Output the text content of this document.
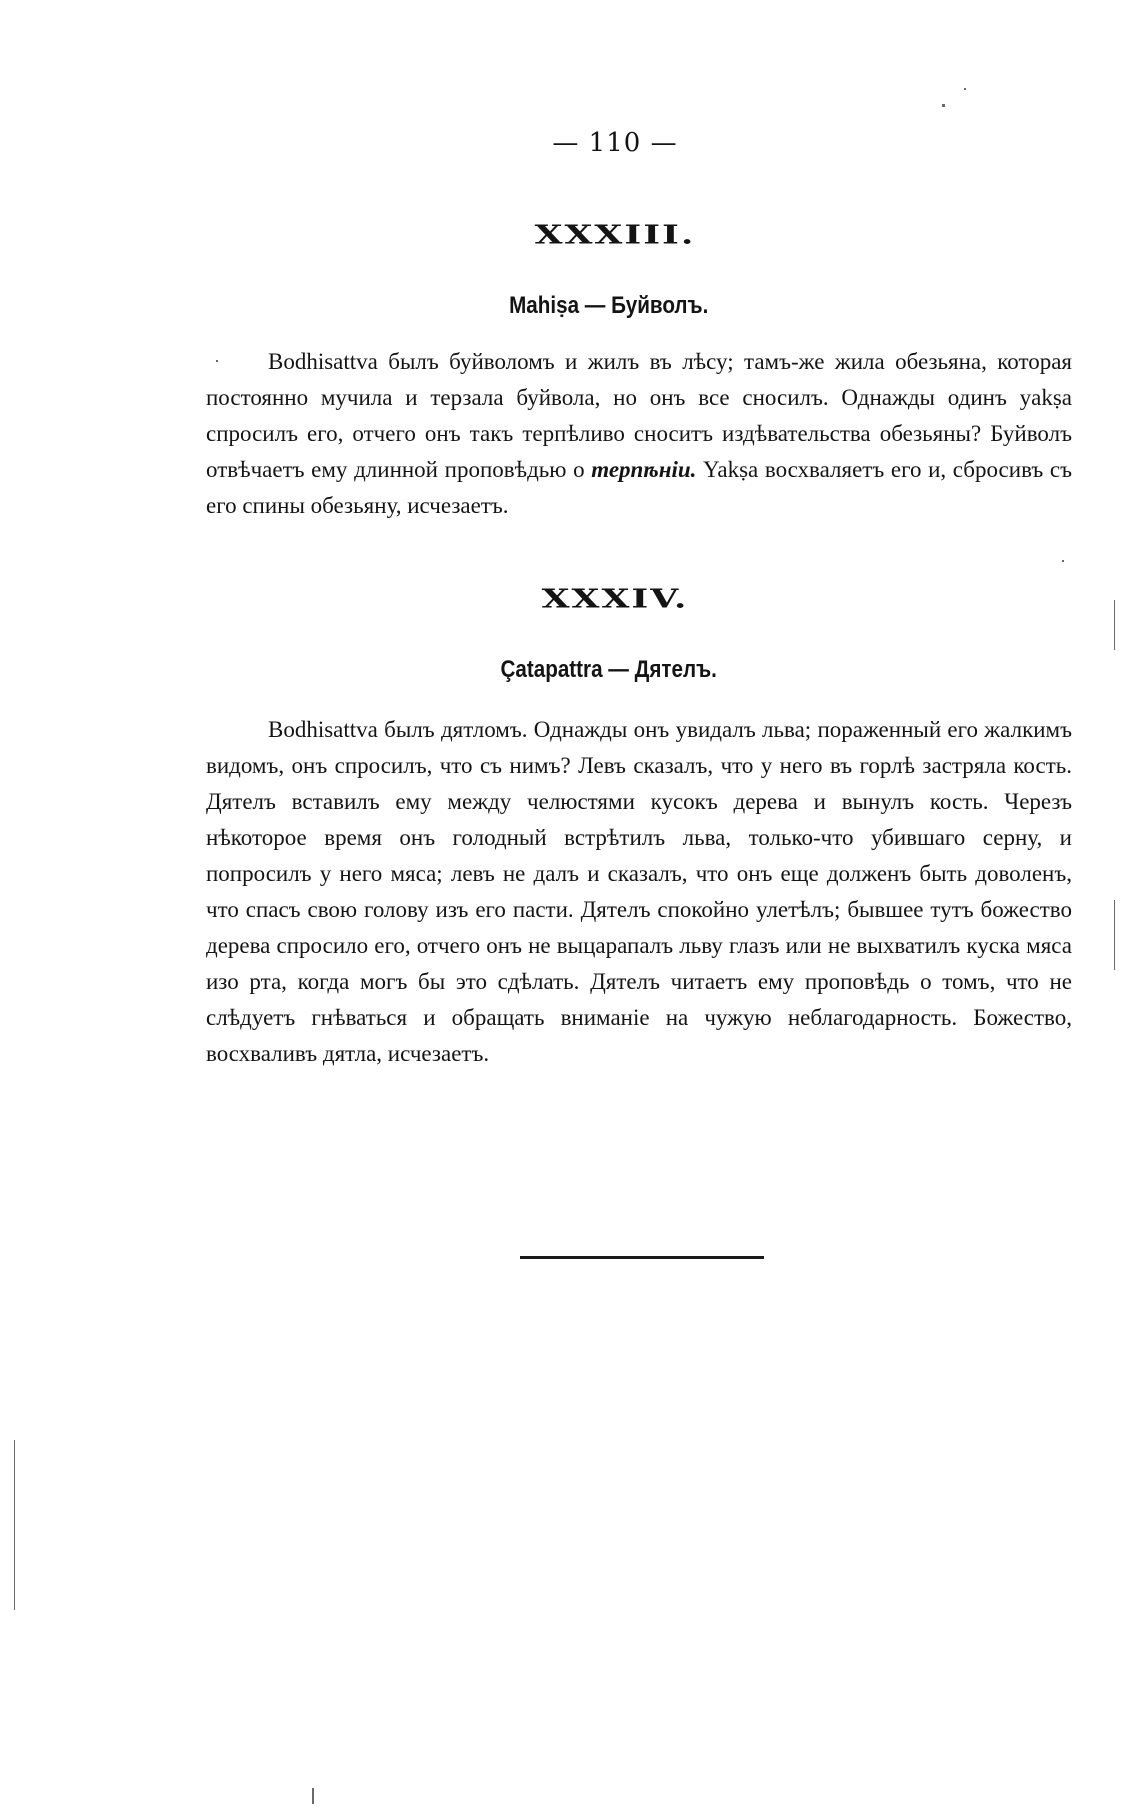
— 110 —
XXXIII.
Mahiṣa — Буйволъ.

Bodhisattva былъ буйволомъ и жилъ въ лѣсу; тамъ-же жила обезьяна, которая постоянно мучила и терзала буйвола, но онъ все сносилъ. Однажды одинъ yakṣa спросилъ его, отчего онъ такъ терпѣливо сноситъ издѣвательства обезьяны? Буйволъ отвѣчаетъ ему длинной проповѣдью о терпѣніи. Yakṣa восхваляетъ его и, сбросивъ съ его спины обезьяну, исчезаетъ.

XXXIV.
Çatapattra — Дятелъ.

Bodhisattva былъ дятломъ. Однажды онъ увидалъ льва; пораженный его жалкимъ видомъ, онъ спросилъ, что съ нимъ? Левъ сказалъ, что у него въ горлѣ застряла кость. Дятелъ вставилъ ему между челюстями кусокъ дерева и вынулъ кость. Черезъ нѣкоторое время онъ голодный встрѣтилъ льва, только-что убившаго серну, и попросилъ у него мяса; левъ не далъ и сказалъ, что онъ еще долженъ быть доволенъ, что спасъ свою голову изъ его пасти. Дятелъ спокойно улетѣлъ; бывшее тутъ божество дерева спросило его, отчего онъ не выцарапалъ льву глазъ или не выхватилъ куска мяса изо рта, когда могъ бы это сдѣлать. Дятелъ читаетъ ему проповѣдь о томъ, что не слѣдуетъ гнѣваться и обращать вниманіе на чужую неблагодарность. Божество, восхваливъ дятла, исчезаетъ.
